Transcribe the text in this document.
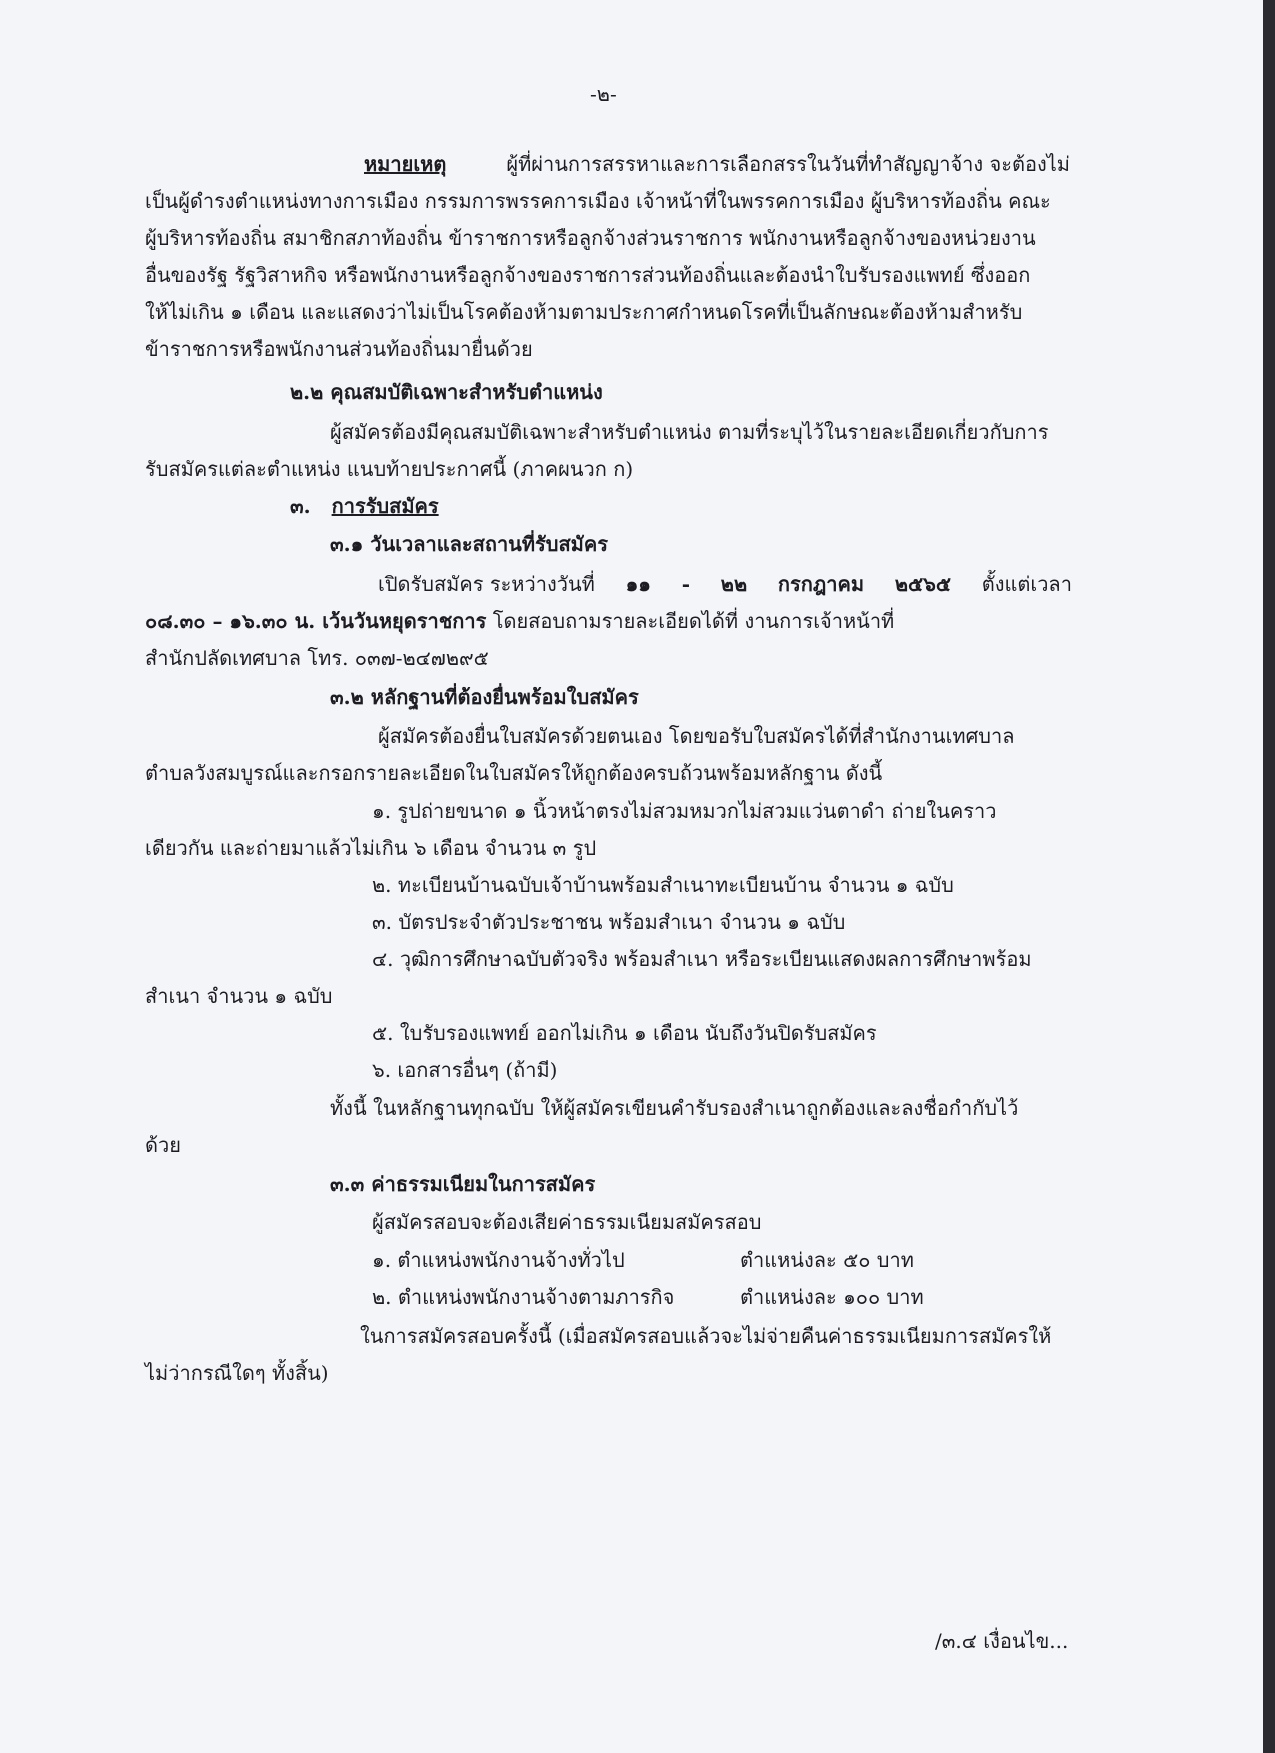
-๒-
หมายเหตุ	ผู้ที่ผ่านการสรรหาและการเลือกสรรในวันที่ทำสัญญาจ้าง จะต้องไม่
เป็นผู้ดำรงตำแหน่งทางการเมือง กรรมการพรรคการเมือง เจ้าหน้าที่ในพรรคการเมือง ผู้บริหารท้องถิ่น คณะ
ผู้บริหารท้องถิ่น สมาชิกสภาท้องถิ่น ข้าราชการหรือลูกจ้างส่วนราชการ พนักงานหรือลูกจ้างของหน่วยงาน
อื่นของรัฐ รัฐวิสาหกิจ หรือพนักงานหรือลูกจ้างของราชการส่วนท้องถิ่นและต้องนำใบรับรองแพทย์ ซึ่งออก
ให้ไม่เกิน ๑ เดือน และแสดงว่าไม่เป็นโรคต้องห้ามตามประกาศกำหนดโรคที่เป็นลักษณะต้องห้ามสำหรับ
ข้าราชการหรือพนักงานส่วนท้องถิ่นมายื่นด้วย
๒.๒ คุณสมบัติเฉพาะสำหรับตำแหน่ง
ผู้สมัครต้องมีคุณสมบัติเฉพาะสำหรับตำแหน่ง ตามที่ระบุไว้ในรายละเอียดเกี่ยวกับการ
รับสมัครแต่ละตำแหน่ง แนบท้ายประกาศนี้ (ภาคผนวก ก)
๓. การรับสมัคร
๓.๑ วันเวลาและสถานที่รับสมัคร
เปิดรับสมัคร ระหว่างวันที่ ๑๑ - ๒๒ กรกฎาคม ๒๕๖๕ ตั้งแต่เวลา
๐๘.๓๐ – ๑๖.๓๐ น. เว้นวันหยุดราชการ โดยสอบถามรายละเอียดได้ที่ งานการเจ้าหน้าที่
สำนักปลัดเทศบาล โทร. ๐๓๗-๒๔๗๒๙๕
๓.๒ หลักฐานที่ต้องยื่นพร้อมใบสมัคร
ผู้สมัครต้องยื่นใบสมัครด้วยตนเอง โดยขอรับใบสมัครได้ที่สำนักงานเทศบาล
ตำบลวังสมบูรณ์และกรอกรายละเอียดในใบสมัครให้ถูกต้องครบถ้วนพร้อมหลักฐาน ดังนี้
๑. รูปถ่ายขนาด ๑ นิ้วหน้าตรงไม่สวมหมวกไม่สวมแว่นตาดำ ถ่ายในคราว
เดียวกัน และถ่ายมาแล้วไม่เกิน ๖ เดือน จำนวน ๓ รูป
๒. ทะเบียนบ้านฉบับเจ้าบ้านพร้อมสำเนาทะเบียนบ้าน จำนวน ๑ ฉบับ
๓. บัตรประจำตัวประชาชน พร้อมสำเนา จำนวน ๑ ฉบับ
๔. วุฒิการศึกษาฉบับตัวจริง พร้อมสำเนา หรือระเบียนแสดงผลการศึกษาพร้อม
สำเนา จำนวน ๑ ฉบับ
๕. ใบรับรองแพทย์ ออกไม่เกิน ๑ เดือน นับถึงวันปิดรับสมัคร
๖. เอกสารอื่นๆ (ถ้ามี)
ทั้งนี้ ในหลักฐานทุกฉบับ ให้ผู้สมัครเขียนคำรับรองสำเนาถูกต้องและลงชื่อกำกับไว้
ด้วย
๓.๓ ค่าธรรมเนียมในการสมัคร
ผู้สมัครสอบจะต้องเสียค่าธรรมเนียมสมัครสอบ
๑. ตำแหน่งพนักงานจ้างทั่วไป	ตำแหน่งละ ๕๐ บาท
๒. ตำแหน่งพนักงานจ้างตามภารกิจ	ตำแหน่งละ ๑๐๐ บาท
ในการสมัครสอบครั้งนี้ (เมื่อสมัครสอบแล้วจะไม่จ่ายคืนค่าธรรมเนียมการสมัครให้
ไม่ว่ากรณีใดๆ ทั้งสิ้น)
/๓.๔ เงื่อนไข...
